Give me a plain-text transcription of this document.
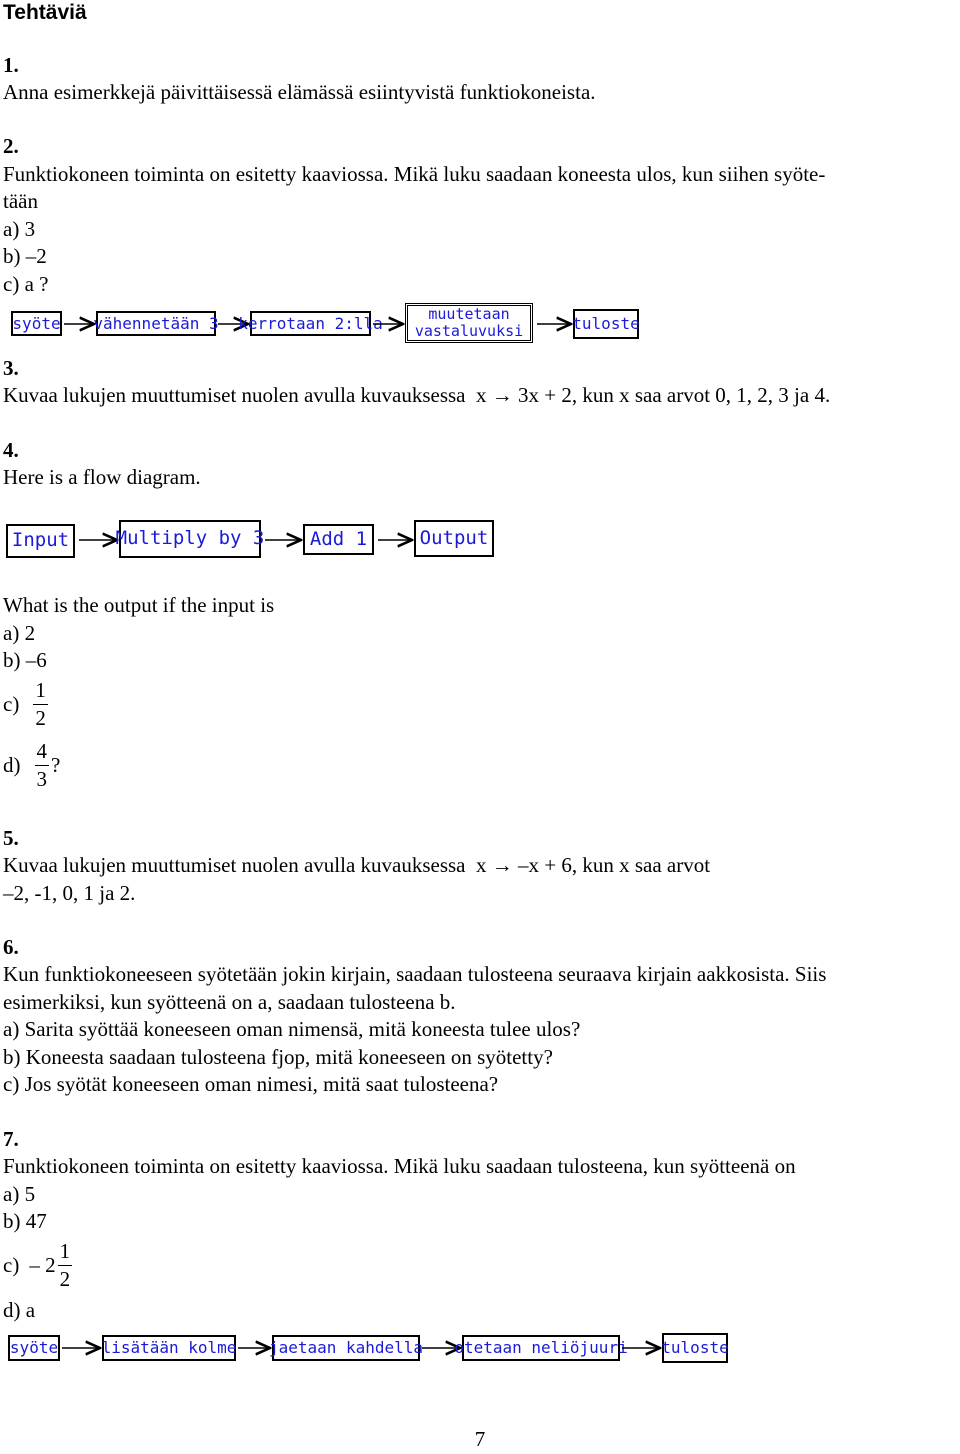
Tehtäviä
1.
Anna esimerkkejä päivittäisessä elämässä esiintyvistä funktiokoneista.
2.
Funktiokoneen toiminta on esitetty kaaviossa. Mikä luku saadaan koneesta ulos, kun siihen syöte-
tään
a) 3
b) –2
c) a ?
syöte vähennetään 3 kerrotaan 2:lla	muutetaan
vastaluvuksi	tuloste
3.
Kuvaa lukujen muuttumiset nuolen avulla kuvauksessa x → 3x + 2, kun x saa arvot 0, 1, 2, 3 ja 4.
4.
Here is a flow diagram.
Input Multiply by 3 Add 1	Output
What is the output if the input is
a) 2
b) –6
$c) \frac{1}{2}$
$d) \frac{4}{3}$ ?
5.
Kuvaa lukujen muuttumiset nuolen avulla kuvauksessa x → –x + 6, kun x saa arvot
–2, -1, 0, 1 ja 2.
6.
Kun funktiokoneeseen syötetään jokin kirjain, saadaan tulosteena seuraava kirjain aakkosista. Siis
esimerkiksi, kun syötteenä on a, saadaan tulosteena b.
a) Sarita syöttää koneeseen oman nimensä, mitä koneesta tulee ulos?
b) Koneesta saadaan tulosteena fjop, mitä koneeseen on syötetty?
c) Jos syötät koneeseen oman nimesi, mitä saat tulosteena?
7.
Funktiokoneen toiminta on esitetty kaaviossa. Mikä luku saadaan tulosteena, kun syötteenä on
a) 5
b) 47
$c) - 2 \frac{1}{2}$
d) a
syöte	lisätään kolme jaetaan kahdella otetaan neliöjuuri tuloste
7
